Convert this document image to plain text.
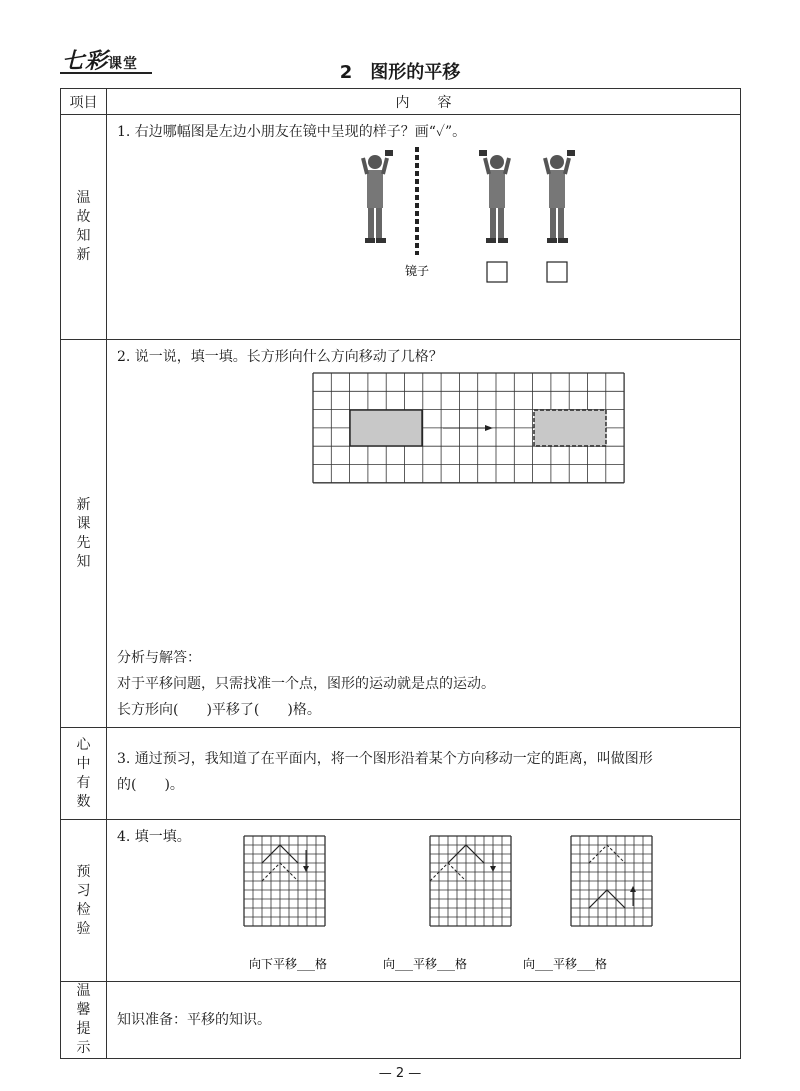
七彩课堂	2　图形的平移
项目	内　　容
温故知新	1. 右边哪幅图是左边小朋友在镜中呈现的样子？画“✓”。
镜子

新课先知	2. 说一说，填一填。长方形向什么方向移动了几格？
分析与解答：
对于平移问题，只需找准一个点，图形的运动就是点的运动。
长方形向(　　)平移了(　　)格。

心中有数	3. 通过预习，我知道了在平面内，将一个图形沿着某个方向移动一定的距离，叫做图形
的(　　)。

预习检验	4. 填一填。
向下平移___格 向___平移___格 向___平移___格

温馨提示	知识准备：平移的知识。
— 2 —
